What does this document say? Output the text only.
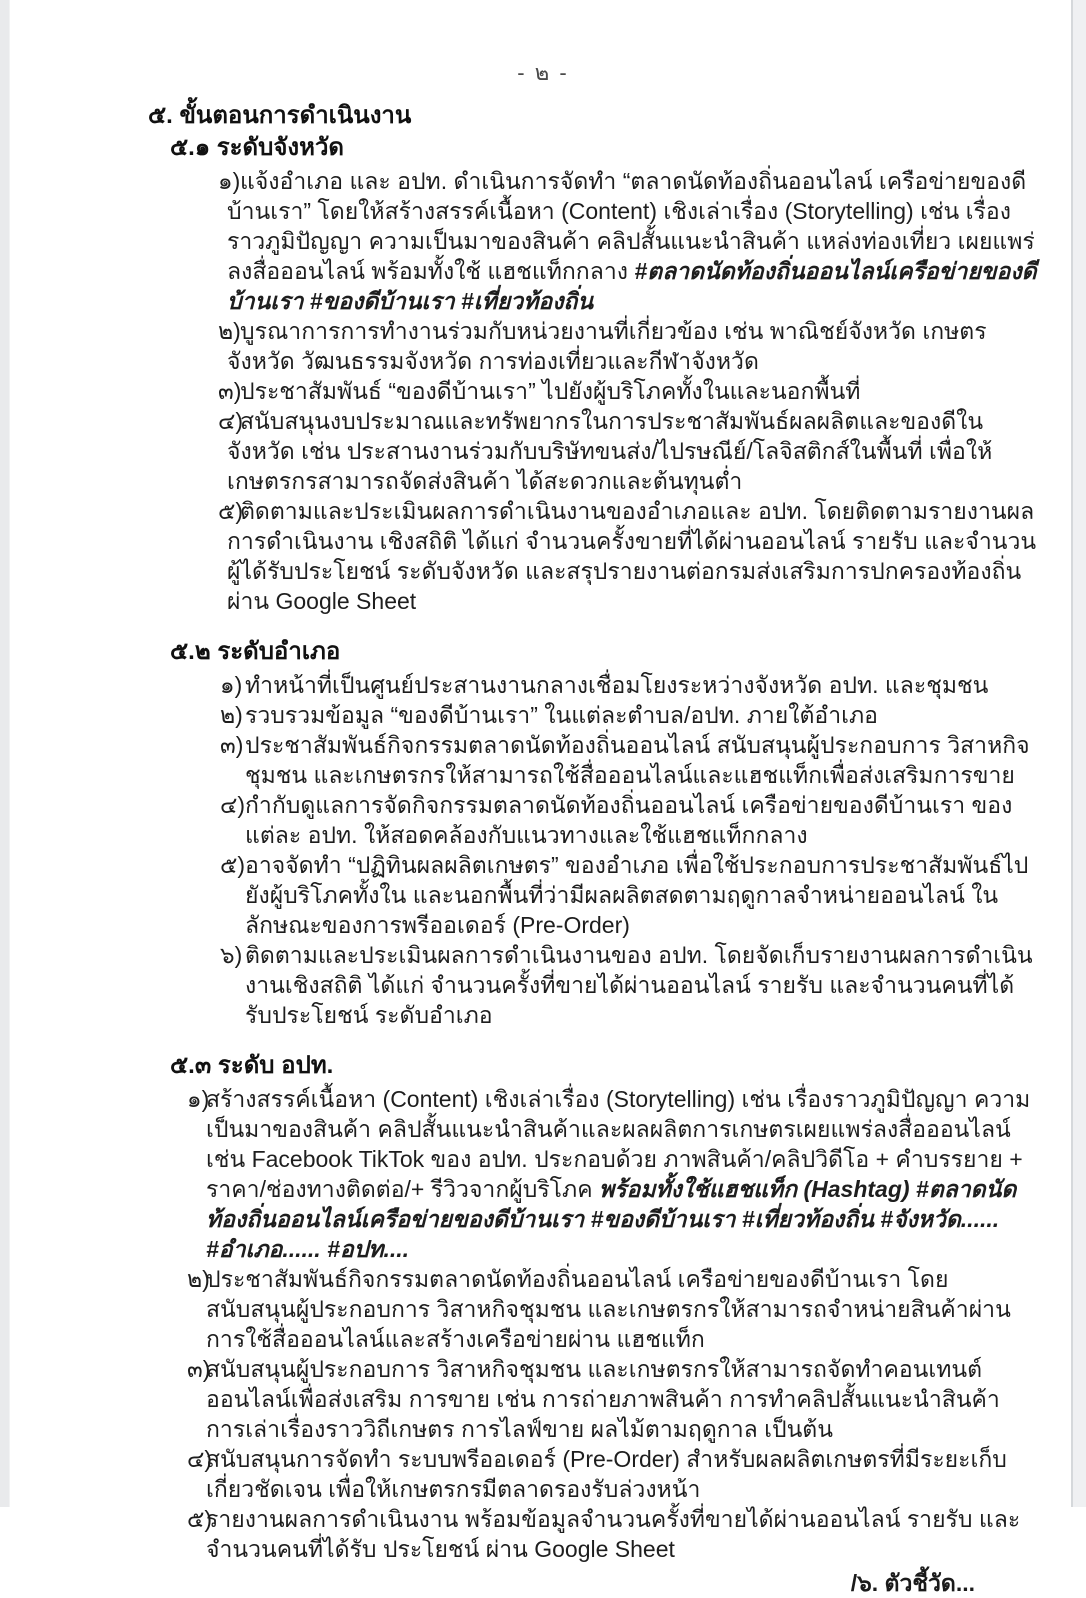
- ๒ -
๕. ขั้นตอนการดำเนินงาน
๕.๑ ระดับจังหวัด
๑)แจ้งอำเภอ และ อปท. ดำเนินการจัดทำ “ตลาดนัดท้องถิ่นออนไลน์ เครือข่ายของดีบ้านเรา” โดยให้สร้างสรรค์เนื้อหา (Content) เชิงเล่าเรื่อง (Storytelling) เช่น เรื่องราวภูมิปัญญา ความเป็นมาของสินค้า คลิปสั้นแนะนำสินค้า แหล่งท่องเที่ยว เผยแพร่ลงสื่อออนไลน์ พร้อมทั้งใช้ แฮชแท็กกลาง #ตลาดนัดท้องถิ่นออนไลน์เครือข่ายของดีบ้านเรา #ของดีบ้านเรา #เที่ยวท้องถิ่น
๒)บูรณาการการทำงานร่วมกับหน่วยงานที่เกี่ยวข้อง เช่น พาณิชย์จังหวัด เกษตรจังหวัด วัฒนธรรมจังหวัด การท่องเที่ยวและกีฬาจังหวัด
๓)ประชาสัมพันธ์ “ของดีบ้านเรา” ไปยังผู้บริโภคทั้งในและนอกพื้นที่
๔)สนับสนุนงบประมาณและทรัพยากรในการประชาสัมพันธ์ผลผลิตและของดีในจังหวัด เช่น ประสานงานร่วมกับบริษัทขนส่ง/ไปรษณีย์/โลจิสติกส์ในพื้นที่ เพื่อให้เกษตรกรสามารถจัดส่งสินค้า ได้สะดวกและต้นทุนต่ำ
๕)ติดตามและประเมินผลการดำเนินงานของอำเภอและ อปท. โดยติดตามรายงานผลการดำเนินงาน เชิงสถิติ ได้แก่ จำนวนครั้งขายที่ได้ผ่านออนไลน์ รายรับ และจำนวนผู้ได้รับประโยชน์ ระดับจังหวัด และสรุปรายงานต่อกรมส่งเสริมการปกครองท้องถิ่น ผ่าน Google Sheet
๕.๒ ระดับอำเภอ
๑) ทำหน้าที่เป็นศูนย์ประสานงานกลางเชื่อมโยงระหว่างจังหวัด อปท. และชุมชน
๒)รวบรวมข้อมูล “ของดีบ้านเรา” ในแต่ละตำบล/อปท. ภายใต้อำเภอ
๓)ประชาสัมพันธ์กิจกรรมตลาดนัดท้องถิ่นออนไลน์ สนับสนุนผู้ประกอบการ วิสาหกิจชุมชน และเกษตรกรให้สามารถใช้สื่อออนไลน์และแฮชแท็กเพื่อส่งเสริมการขาย
๔)กำกับดูแลการจัดกิจกรรมตลาดนัดท้องถิ่นออนไลน์ เครือข่ายของดีบ้านเรา ของแต่ละ อปท. ให้สอดคล้องกับแนวทางและใช้แฮชแท็กกลาง
๕)อาจจัดทำ “ปฏิทินผลผลิตเกษตร” ของอำเภอ เพื่อใช้ประกอบการประชาสัมพันธ์ไปยังผู้บริโภคทั้งใน และนอกพื้นที่ว่ามีผลผลิตสดตามฤดูกาลจำหน่ายออนไลน์ ในลักษณะของการพรีออเดอร์ (Pre-Order)
๖) ติดตามและประเมินผลการดำเนินงานของ อปท. โดยจัดเก็บรายงานผลการดำเนินงานเชิงสถิติ ได้แก่ จำนวนครั้งที่ขายได้ผ่านออนไลน์ รายรับ และจำนวนคนที่ได้รับประโยชน์ ระดับอำเภอ
๕.๓ ระดับ อปท.
๑)สร้างสรรค์เนื้อหา (Content) เชิงเล่าเรื่อง (Storytelling) เช่น เรื่องราวภูมิปัญญา ความเป็นมาของสินค้า คลิปสั้นแนะนำสินค้าและผลผลิตการเกษตรเผยแพร่ลงสื่อออนไลน์ เช่น Facebook TikTok ของ อปท. ประกอบด้วย ภาพสินค้า/คลิปวิดีโอ + คำบรรยาย + ราคา/ช่องทางติดต่อ/+ รีวิวจากผู้บริโภค พร้อมทั้งใช้แฮชแท็ก (Hashtag) #ตลาดนัดท้องถิ่นออนไลน์เครือข่ายของดีบ้านเรา #ของดีบ้านเรา #เที่ยวท้องถิ่น #จังหวัด...... #อำเภอ...... #อปท....
๒)ประชาสัมพันธ์กิจกรรมตลาดนัดท้องถิ่นออนไลน์ เครือข่ายของดีบ้านเรา โดยสนับสนุนผู้ประกอบการ วิสาหกิจชุมชน และเกษตรกรให้สามารถจำหน่ายสินค้าผ่านการใช้สื่อออนไลน์และสร้างเครือข่ายผ่าน แฮชแท็ก
๓)สนับสนุนผู้ประกอบการ วิสาหกิจชุมชน และเกษตรกรให้สามารถจัดทำคอนเทนต์ออนไลน์เพื่อส่งเสริม การขาย เช่น การถ่ายภาพสินค้า การทำคลิปสั้นแนะนำสินค้า การเล่าเรื่องราววิถีเกษตร การไลฟ์ขาย ผลไม้ตามฤดูกาล เป็นต้น
๔)สนับสนุนการจัดทำ ระบบพรีออเดอร์ (Pre-Order) สำหรับผลผลิตเกษตรที่มีระยะเก็บเกี่ยวชัดเจน เพื่อให้เกษตรกรมีตลาดรองรับล่วงหน้า
๕)รายงานผลการดำเนินงาน พร้อมข้อมูลจำนวนครั้งที่ขายได้ผ่านออนไลน์ รายรับ และจำนวนคนที่ได้รับ ประโยชน์ ผ่าน Google Sheet
/๖. ตัวชี้วัด...
